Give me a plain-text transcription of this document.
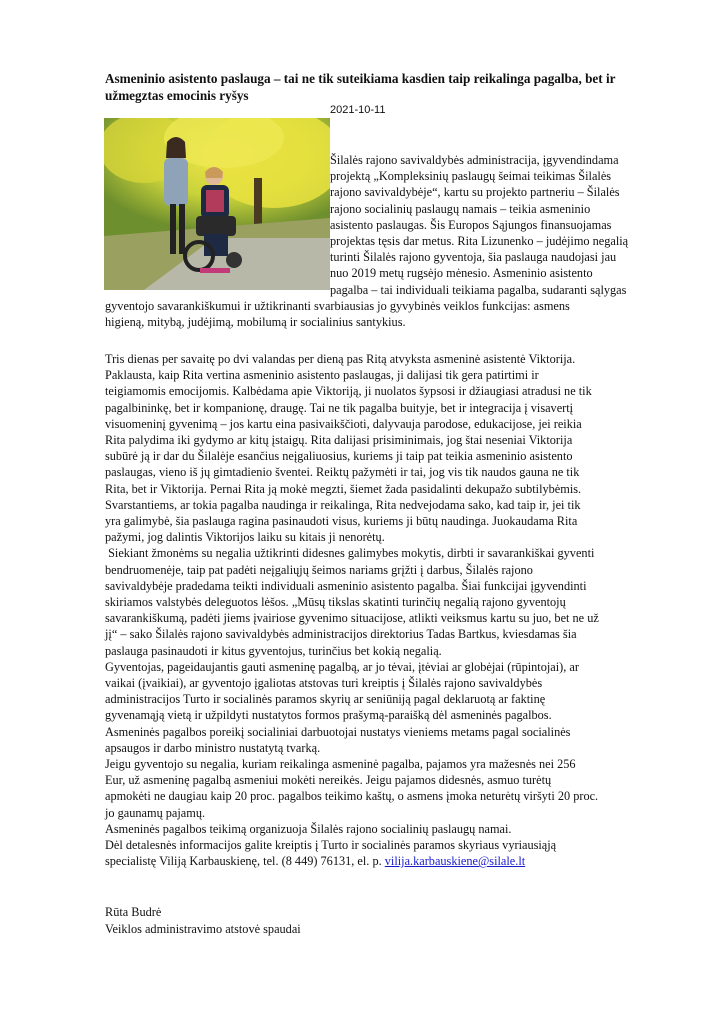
Asmeninio asistento paslauga – tai ne tik suteikiama kasdien taip reikalinga pagalba, bet ir
užmegztas emocinis ryšys
2021-10-11
Šilalės rajono savivaldybės administracija, įgyvendindama
projektą „Kompleksinių paslaugų šeimai teikimas Šilalės
rajono savivaldybėje“, kartu su projekto partneriu – Šilalės
rajono socialinių paslaugų namais – teikia asmeninio
asistento paslaugas. Šis Europos Sąjungos finansuojamas
projektas tęsis dar metus. Rita Lizunenko – judėjimo negalią
turinti Šilalės rajono gyventoja, šia paslauga naudojasi jau
nuo 2019 metų rugsėjo mėnesio. Asmeninio asistento
pagalba – tai individuali teikiama pagalba, sudaranti sąlygas
gyventojo savarankiškumui ir užtikrinanti svarbiausias jo gyvybinės veiklos funkcijas: asmens
higieną, mitybą, judėjimą, mobilumą ir socialinius santykius.
Tris dienas per savaitę po dvi valandas per dieną pas Ritą atvyksta asmeninė asistentė Viktorija.
Paklausta, kaip Rita vertina asmeninio asistento paslaugas, ji dalijasi tik gera patirtimi ir
teigiamomis emocijomis. Kalbėdama apie Viktoriją, ji nuolatos šypsosi ir džiaugiasi atradusi ne tik
pagalbininkę, bet ir kompanionę, draugę. Tai ne tik pagalba buityje, bet ir integracija į visavertį
visuomeninį gyvenimą – jos kartu eina pasivaikščioti, dalyvauja parodose, edukacijose, jei reikia
Rita palydima iki gydymo ar kitų įstaigų. Rita dalijasi prisiminimais, jog štai neseniai Viktorija
subūrė ją ir dar du Šilalėje esančius neįgaliuosius, kuriems ji taip pat teikia asmeninio asistento
paslaugas, vieno iš jų gimtadienio šventei. Reiktų pažymėti ir tai, jog vis tik naudos gauna ne tik
Rita, bet ir Viktorija. Pernai Rita ją mokė megzti, šiemet žada pasidalinti dekupažo subtilybėmis.
Svarstantiems, ar tokia pagalba naudinga ir reikalinga, Rita nedvejodama sako, kad taip ir, jei tik
yra galimybė, šia paslauga ragina pasinaudoti visus, kuriems ji būtų naudinga. Juokaudama Rita
pažymi, jog dalintis Viktorijos laiku su kitais ji nenorėtų.
Siekiant žmonėms su negalia užtikrinti didesnes galimybes mokytis, dirbti ir savarankiškai gyventi
bendruomenėje, taip pat padėti neįgaliųjų šeimos nariams grįžti į darbus, Šilalės rajono
savivaldybėje pradedama teikti individuali asmeninio asistento pagalba. Šiai funkcijai įgyvendinti
skiriamos valstybės deleguotos lėšos. „Mūsų tikslas skatinti turinčių negalią rajono gyventojų
savarankiškumą, padėti jiems įvairiose gyvenimo situacijose, atlikti veiksmus kartu su juo, bet ne už
jį“ – sako Šilalės rajono savivaldybės administracijos direktorius Tadas Bartkus, kviesdamas šia
paslauga pasinaudoti ir kitus gyventojus, turinčius bet kokią negalią.
Gyventojas, pageidaujantis gauti asmeninę pagalbą, ar jo tėvai, įtėviai ar globėjai (rūpintojai), ar
vaikai (įvaikiai), ar gyventojo įgaliotas atstovas turi kreiptis į Šilalės rajono savivaldybės
administracijos Turto ir socialinės paramos skyrių ar seniūniją pagal deklaruotą ar faktinę
gyvenamąją vietą ir užpildyti nustatytos formos prašymą-paraišką dėl asmeninės pagalbos.
Asmeninės pagalbos poreikį socialiniai darbuotojai nustatys vieniems metams pagal socialinės
apsaugos ir darbo ministro nustatytą tvarką.
Jeigu gyventojo su negalia, kuriam reikalinga asmeninė pagalba, pajamos yra mažesnės nei 256
Eur, už asmeninę pagalbą asmeniui mokėti nereikės. Jeigu pajamos didesnės, asmuo turėtų
apmokėti ne daugiau kaip 20 proc. pagalbos teikimo kaštų, o asmens įmoka neturėtų viršyti 20 proc.
jo gaunamų pajamų.
Asmeninės pagalbos teikimą organizuoja Šilalės rajono socialinių paslaugų namai.
Dėl detalesnės informacijos galite kreiptis į Turto ir socialinės paramos skyriaus vyriausiąją
specialistę Viliją Karbauskienę, tel. (8 449) 76131, el. p. vilija.karbauskiene@silale.lt
Rūta Budrė
Veiklos administravimo atstovė spaudai
